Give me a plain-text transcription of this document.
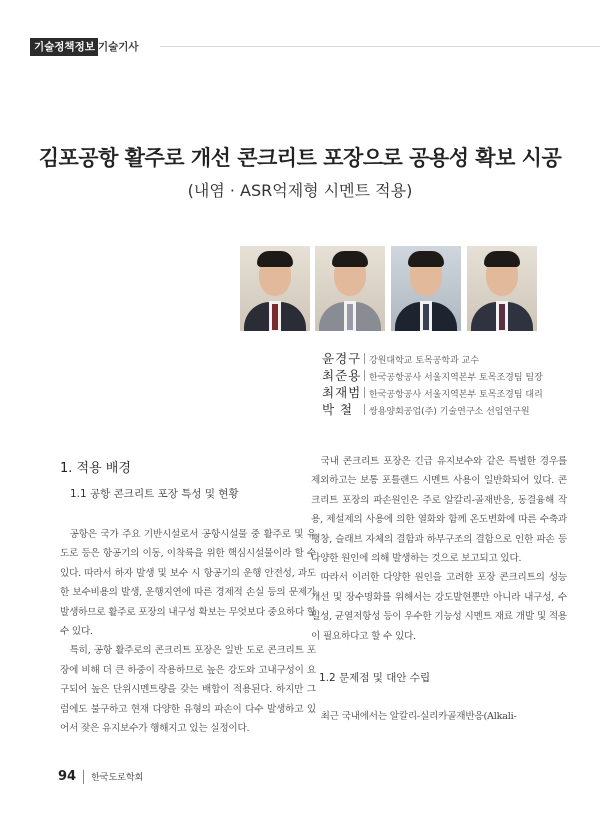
기술정책정보 기술기사
김포공항 활주로 개선 콘크리트 포장으로 공용성 확보 시공
(내염 · ASR억제형 시멘트 적용)
윤경구 강원대학교 토목공학과 교수
최준용 한국공항공사 서울지역본부 토목조경팀 팀장
최재범 한국공항공사 서울지역본부 토목조경팀 대리
박 철 쌍용양회공업(주) 기술연구소 선임연구원
1. 적용 배경
1.1 공항 콘크리트 포장 특성 및 현황

공항은 국가 주요 기반시설로서 공항시설물 중 활주로 및 유도로 등은 항공기의 이동, 이착륙을 위한 핵심시설물이라 할 수 있다. 따라서 하자 발생 및 보수 시 항공기의 운행 안전성, 과도한 보수비용의 발생, 운행지연에 따른 경제적 손실 등의 문제가 발생하므로 활주로 포장의 내구성 확보는 무엇보다 중요하다 할 수 있다.

특히, 공항 활주로의 콘크리트 포장은 일반 도로 콘크리트 포장에 비해 더 큰 하중이 작용하므로 높은 강도와 고내구성이 요구되어 높은 단위시멘트량을 갖는 배합이 적용된다. 하지만 그럼에도 불구하고 현재 다양한 유형의 파손이 다수 발생하고 있어서 잦은 유지보수가 행해지고 있는 실정이다.

국내 콘크리트 포장은 긴급 유지보수와 같은 특별한 경우를 제외하고는 보통 포틀랜드 시멘트 사용이 일반화되어 있다. 콘크리트 포장의 파손원인은 주로 알칼리-골재반응, 동결융해 작용, 제설제의 사용에 의한 열화와 함께 온도변화에 따른 수축과 팽창, 슬래브 자체의 결함과 하부구조의 결함으로 인한 파손 등 다양한 원인에 의해 발생하는 것으로 보고되고 있다.

따라서 이러한 다양한 원인을 고려한 포장 콘크리트의 성능개선 및 장수명화를 위해서는 강도발현뿐만 아니라 내구성, 수밀성, 균열저항성 등이 우수한 기능성 시멘트 재료 개발 및 적용이 필요하다고 할 수 있다.

1.2 문제점 및 대안 수립

최근 국내에서는 알칼리-실리카골재반응(Alkali-

94 한국도로학회
